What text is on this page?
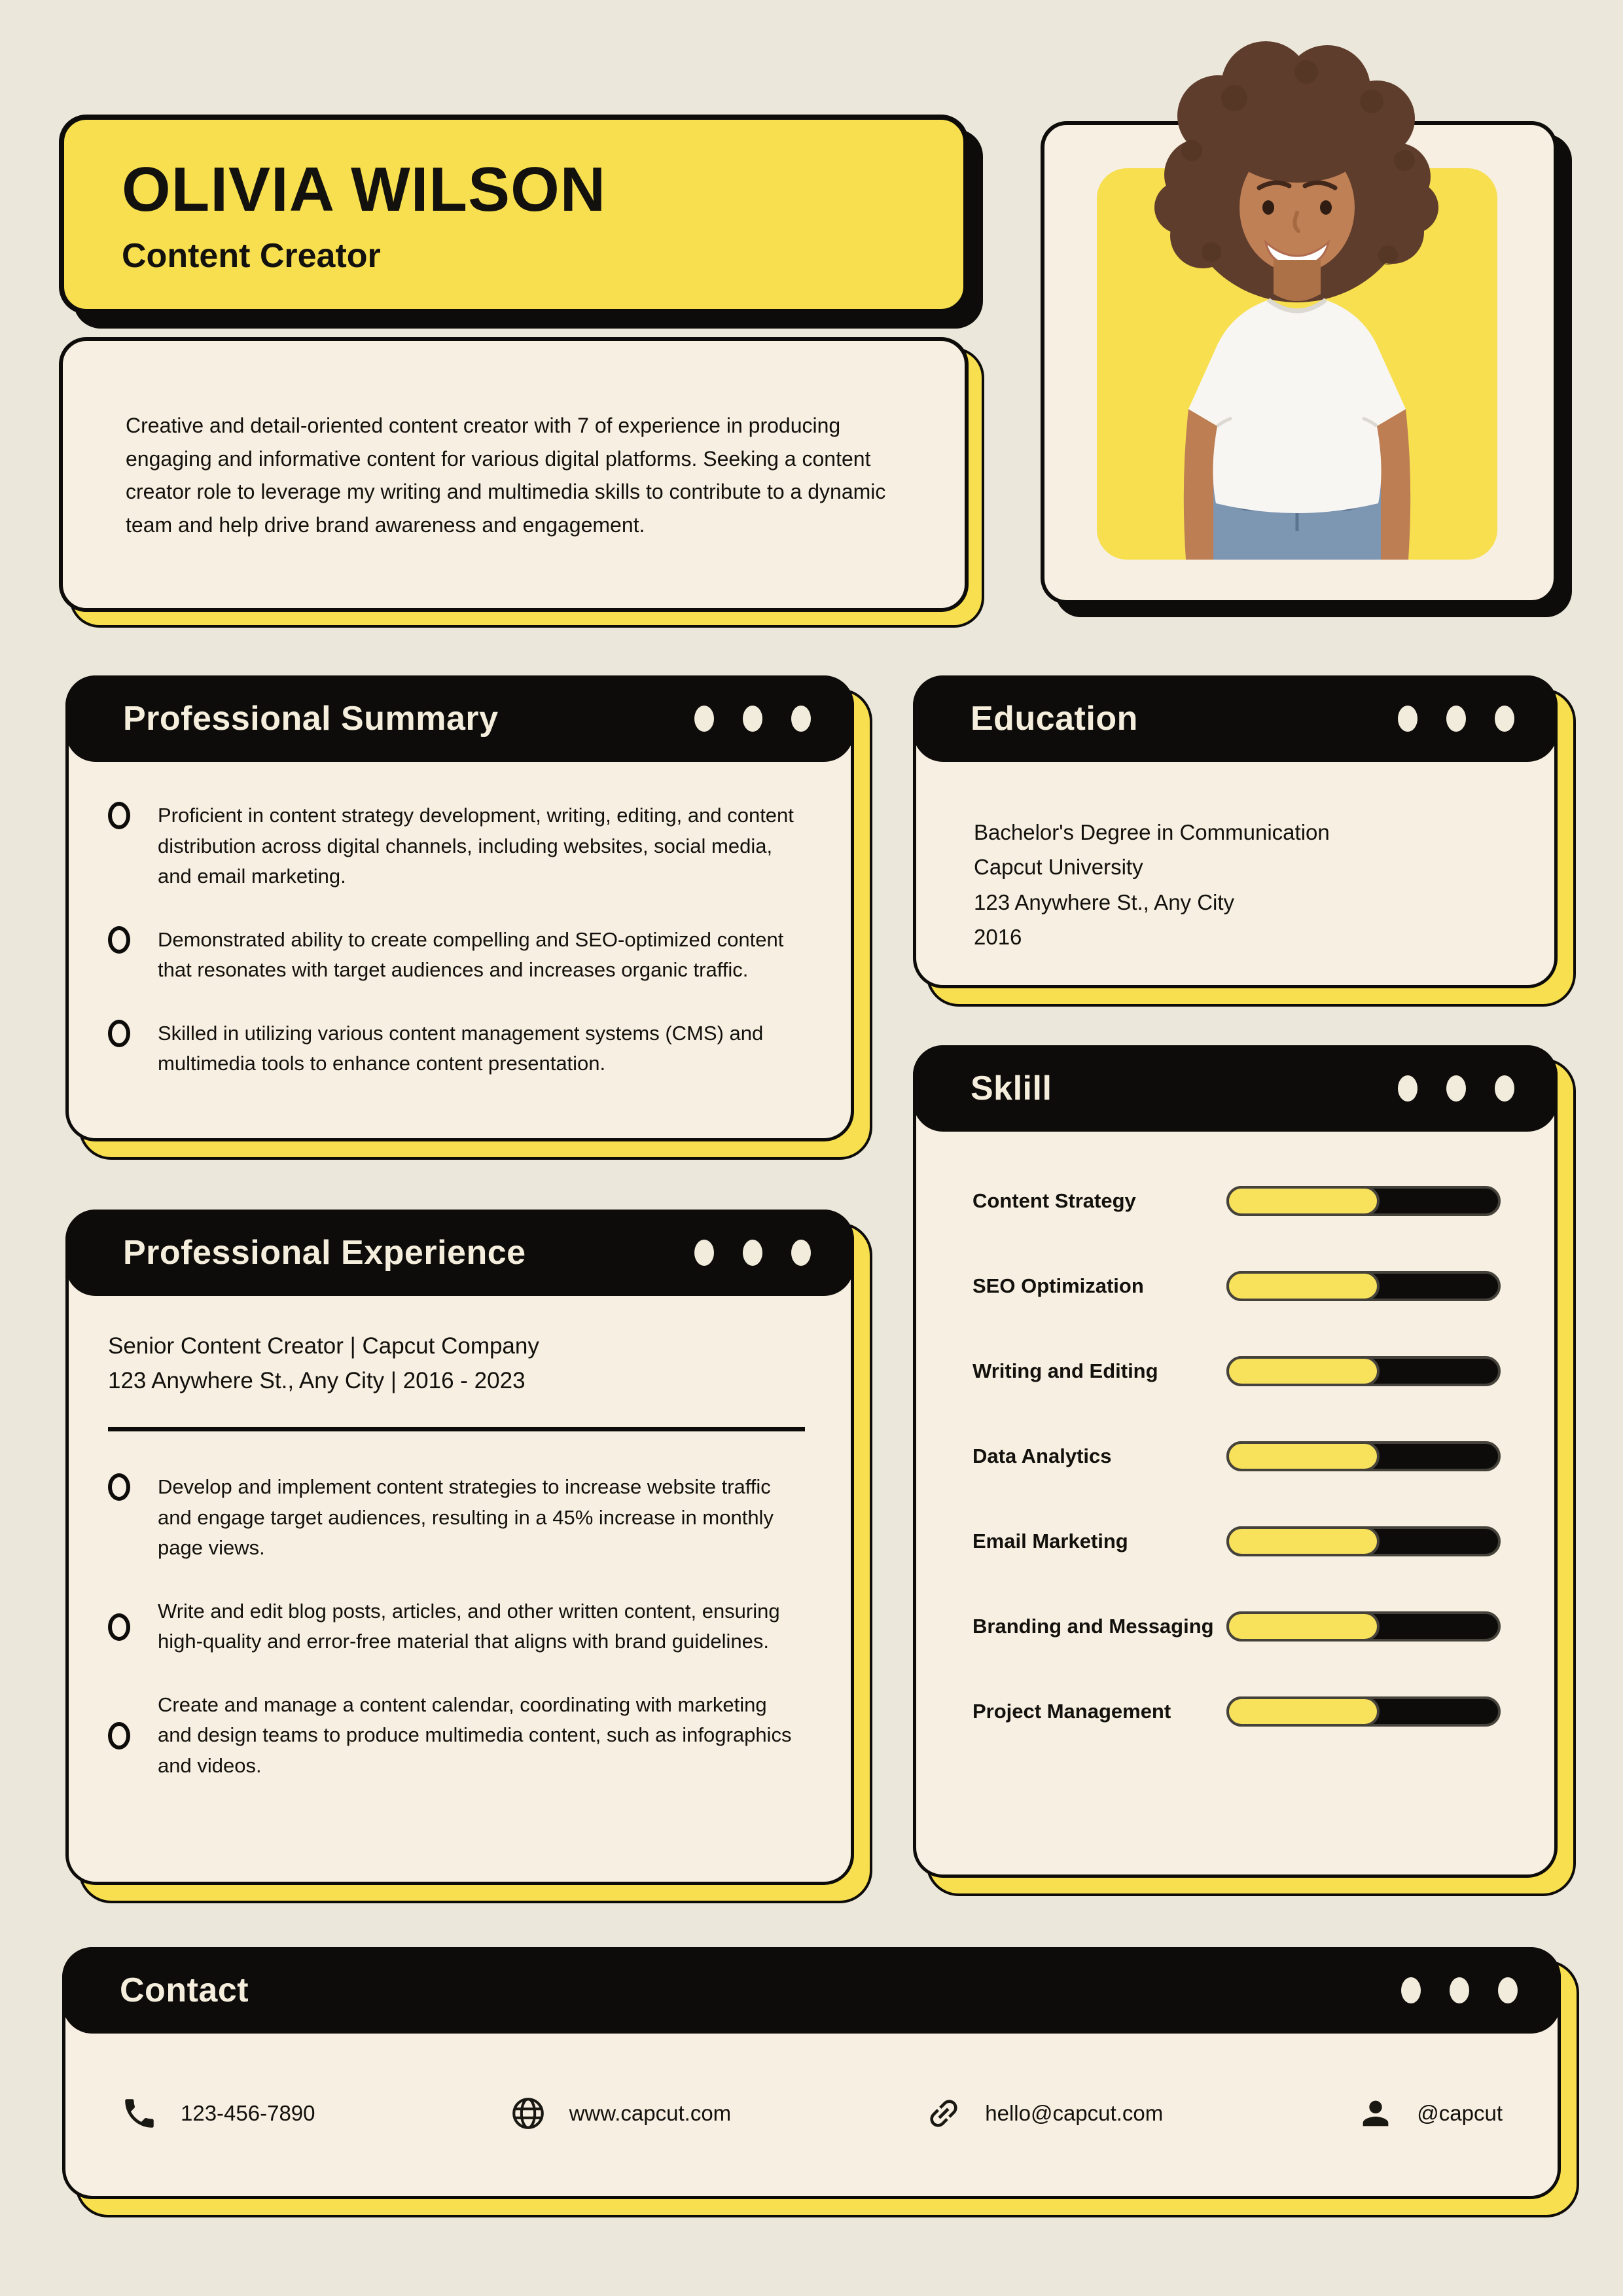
OLIVIA WILSON
Content Creator

Creative and detail-oriented content creator with 7 of experience in producing engaging and informative content for various digital platforms. Seeking a content creator role to leverage my writing and multimedia skills to contribute to a dynamic team and help drive brand awareness and engagement.

Professional Summary

Proficient in content strategy development, writing, editing, and content distribution across digital channels, including websites, social media, and email marketing.

Demonstrated ability to create compelling and SEO-optimized content that resonates with target audiences and increases organic traffic.

Skilled in utilizing various content management systems (CMS) and multimedia tools to enhance content presentation.

Education
Bachelor's Degree in Communication
Capcut University
123 Anywhere St., Any City
2016
Sklill
Content Strategy
SEO Optimization
Writing and Editing
Data Analytics
Email Marketing
Branding and Messaging
Project Management
Professional Experience
Senior Content Creator | Capcut Company
123 Anywhere St., Any City | 2016 - 2023

Develop and implement content strategies to increase website traffic and engage target audiences, resulting in a 45% increase in monthly page views.

Write and edit blog posts, articles, and other written content, ensuring high-quality and error-free material that aligns with brand guidelines.

Create and manage a content calendar, coordinating with marketing and design teams to produce multimedia content, such as infographics and videos.

Contact
123-456-7890	www.capcut.com	hello@capcut.com	@capcut
